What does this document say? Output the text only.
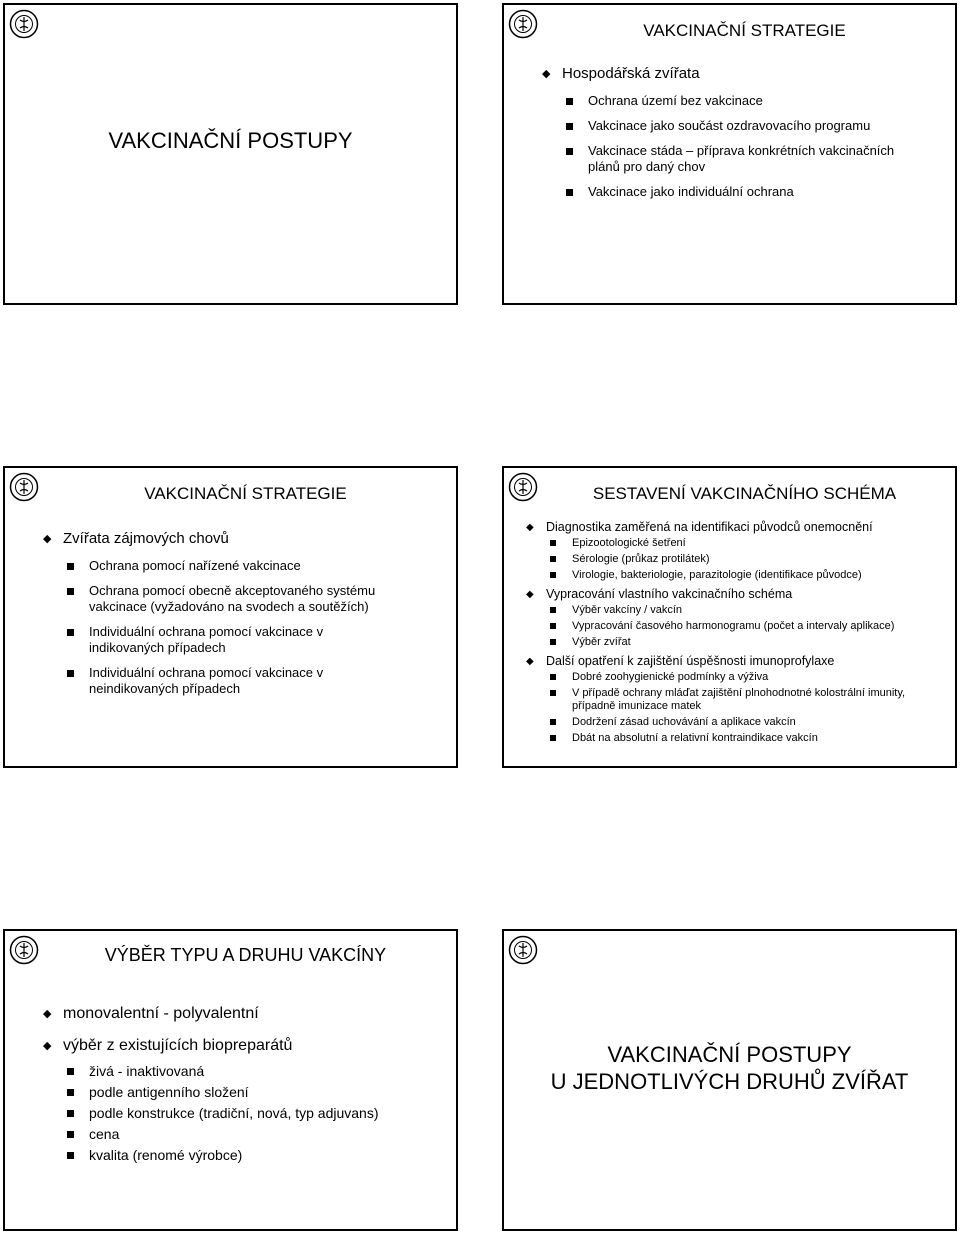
VAKCINAČNÍ POSTUPY
VAKCINAČNÍ STRATEGIE
◆ Hospodářská zvířata
Ochrana území bez vakcinace
Vakcinace jako součást ozdravovacího programu
Vakcinace stáda – příprava konkrétních vakcinačních plánů pro daný chov
Vakcinace jako individuální ochrana
VAKCINAČNÍ STRATEGIE
◆ Zvířata zájmových chovů
Ochrana pomocí nařízené vakcinace
Ochrana pomocí obecně akceptovaného systému vakcinace (vyžadováno na svodech a soutěžích)
Individuální ochrana pomocí vakcinace v indikovaných případech
Individuální ochrana pomocí vakcinace v neindikovaných případech
SESTAVENÍ VAKCINAČNÍHO SCHÉMA
◆ Diagnostika zaměřená na identifikaci původců onemocnění
Epizootologické šetření
Sérologie (průkaz protilátek)
Virologie, bakteriologie, parazitologie (identifikace původce)
◆ Vypracování vlastního vakcinačního schéma
Výběr vakcíny / vakcín
Vypracování časového harmonogramu (počet a intervaly aplikace)
Výběr zvířat
◆ Další opatření k zajištění úspěšnosti imunoprofylaxe
Dobré zoohygienické podmínky a výživa
V případě ochrany mláďat zajištění plnohodnotné kolostrální imunity, případně imunizace matek
Dodržení zásad uchovávání a aplikace vakcín
Dbát na absolutní a relativní kontraindikace vakcín
VÝBĚR TYPU A DRUHU VAKCÍNY
◆ monovalentní - polyvalentní
◆ výběr z existujících biopreparátů
živá - inaktivovaná
podle antigenního složení
podle konstrukce (tradiční, nová, typ adjuvans)
cena
kvalita (renomé výrobce)
VAKCINAČNÍ POSTUPY
U JEDNOTLIVÝCH DRUHŮ ZVÍŘAT
